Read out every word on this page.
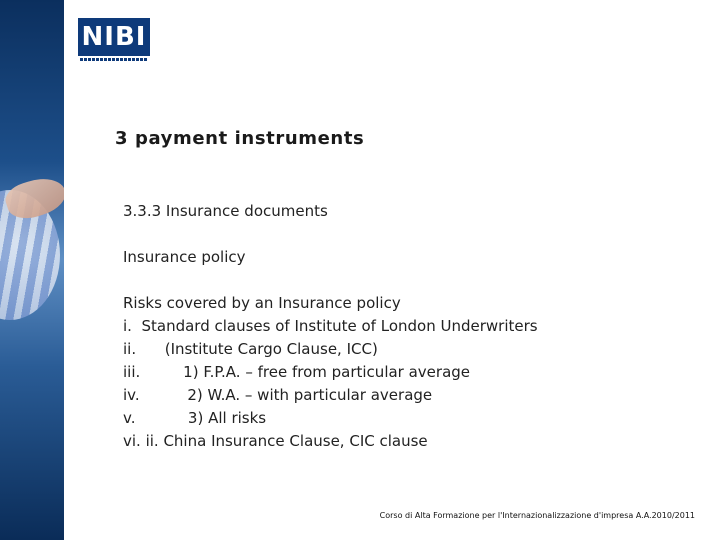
NIBI
3 payment instruments
3.3.3 Insurance documents
Insurance policy
Risks covered by an Insurance policy
i.  Standard clauses of Institute of London Underwriters
ii.      (Institute Cargo Clause, ICC)
iii.         1) F.P.A. – free from particular average
iv.          2) W.A. – with particular average
v.           3) All risks
vi. ii. China Insurance Clause, CIC clause
Corso di Alta Formazione per l'Internazionalizzazione d'impresa A.A.2010/2011
